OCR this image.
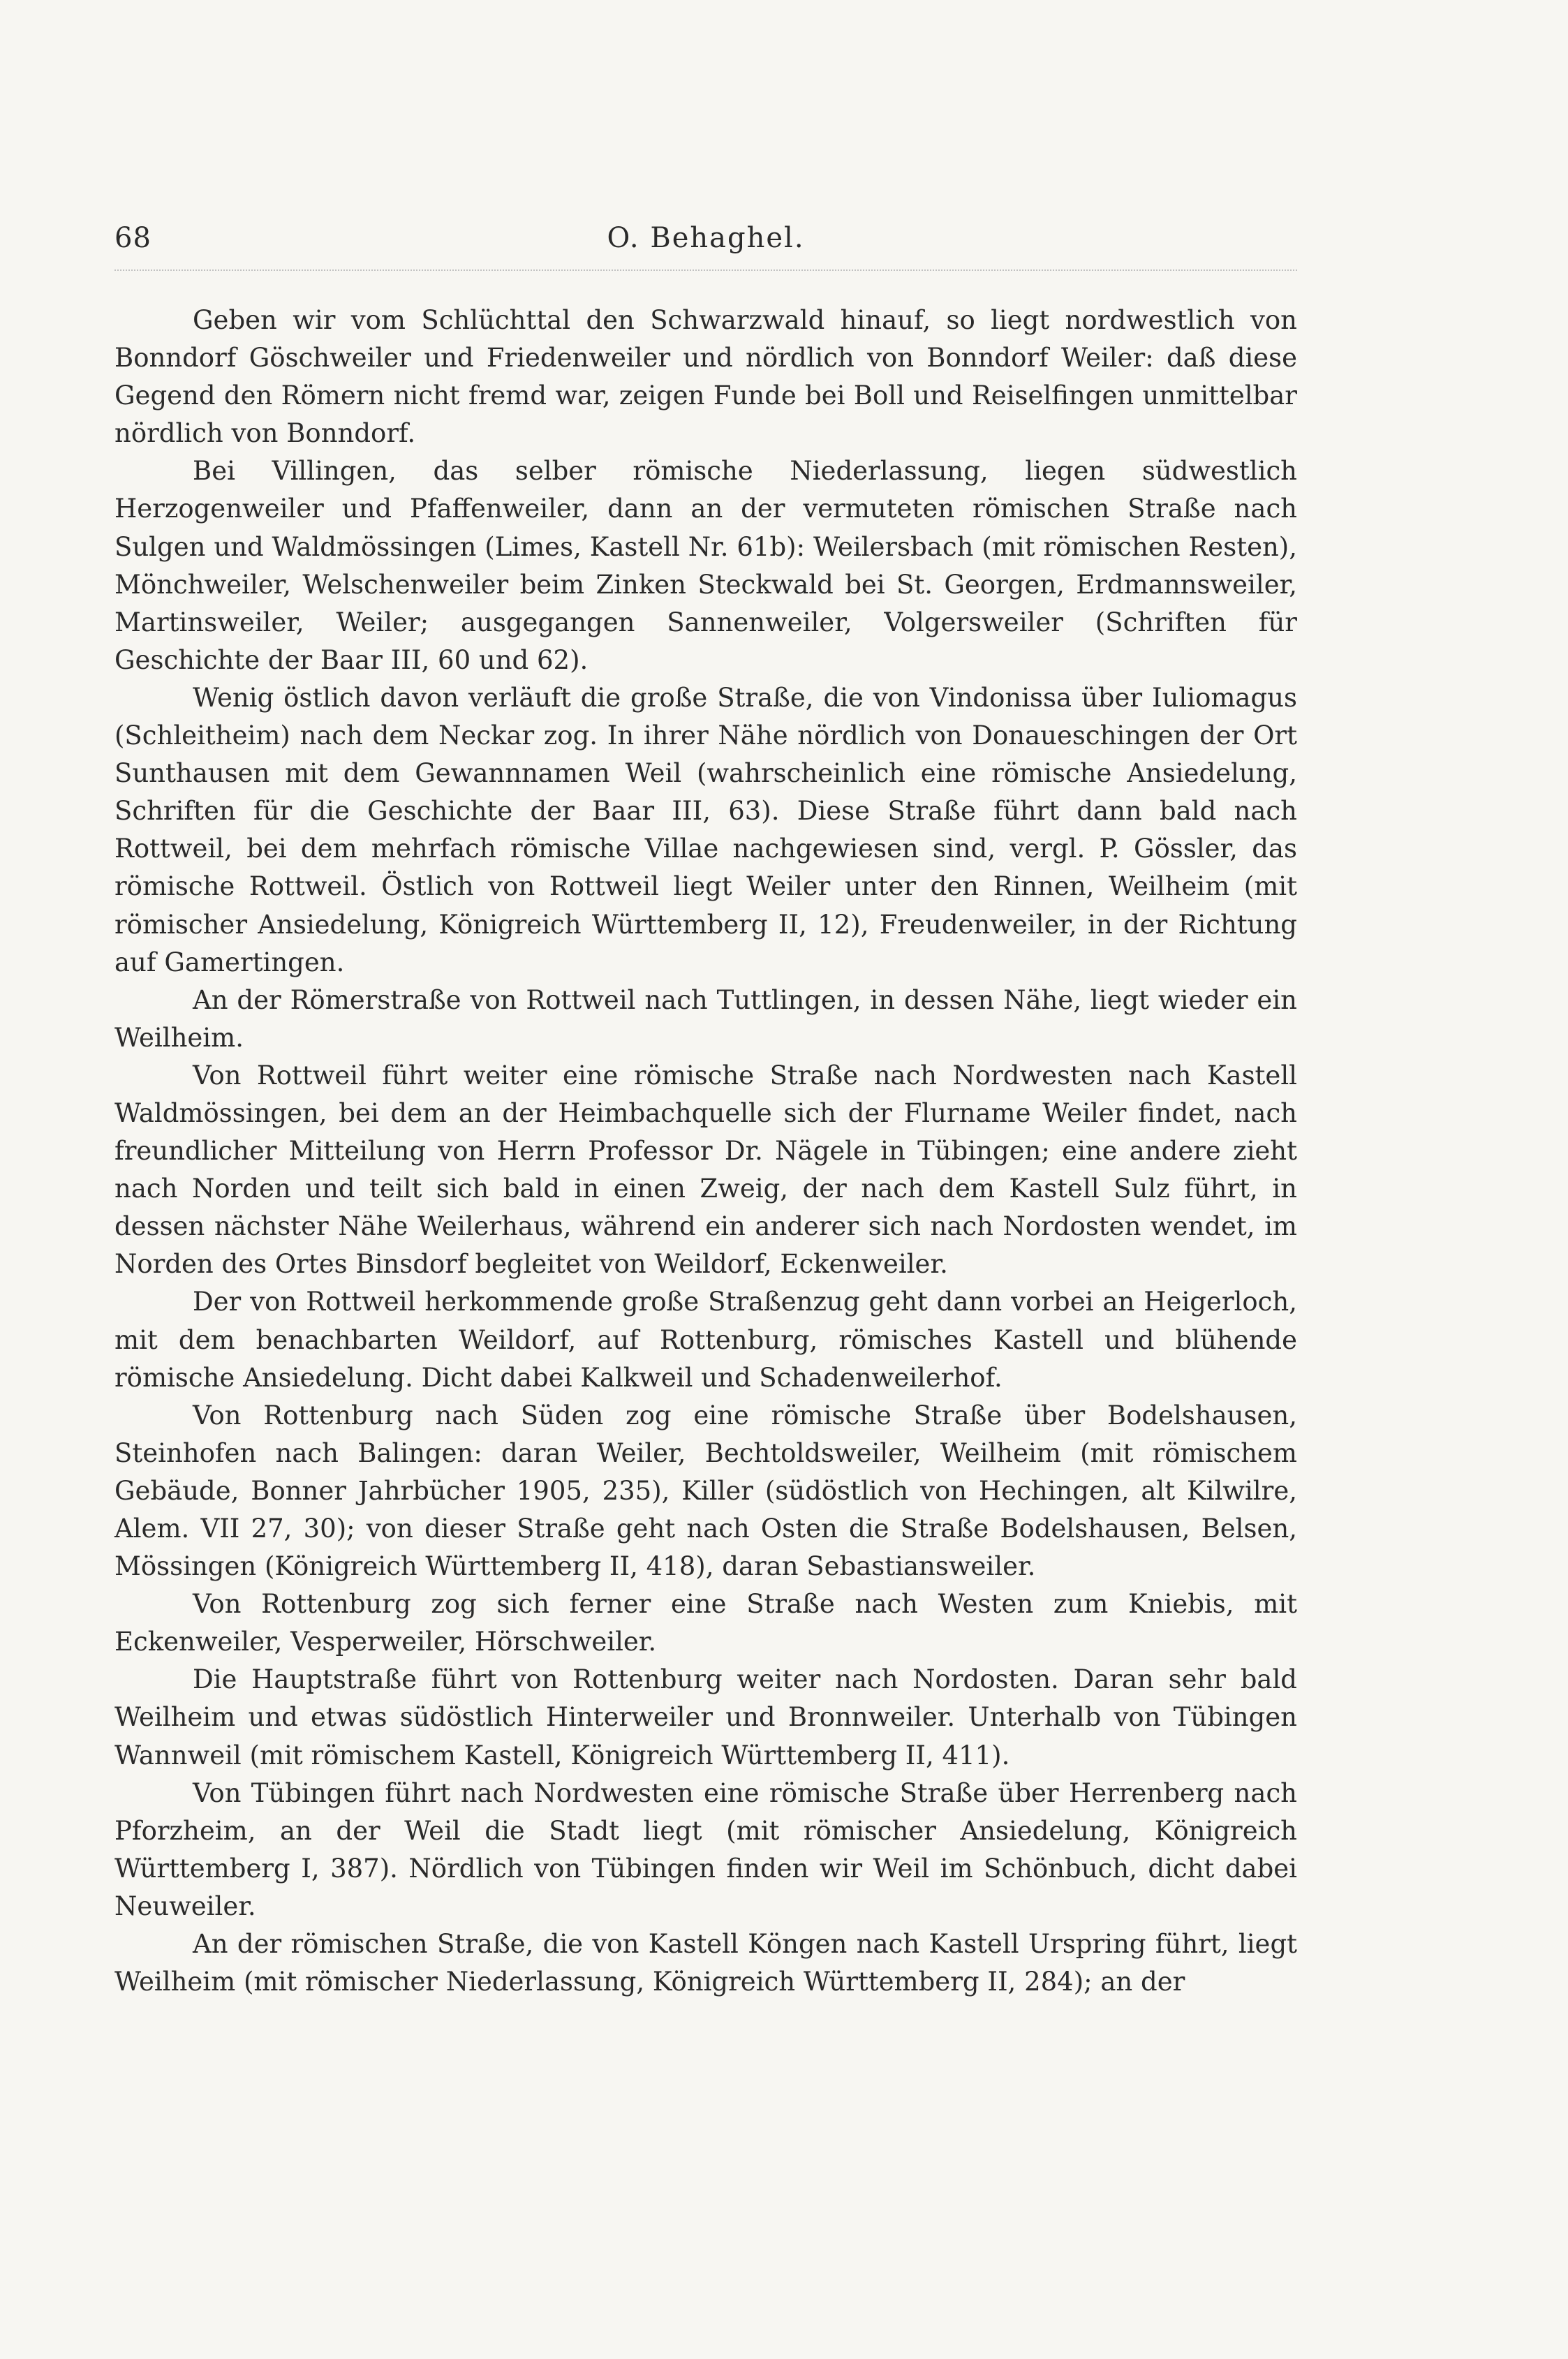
68	O. Behaghel.

Geben wir vom Schlüchttal den Schwarzwald hinauf, so liegt nordwestlich von Bonndorf Göschweiler und Friedenweiler und nördlich von Bonndorf Weiler: daß diese Gegend den Römern nicht fremd war, zeigen Funde bei Boll und Reiselfingen unmittelbar nördlich von Bonndorf.

Bei Villingen, das selber römische Niederlassung, liegen südwestlich Herzogenweiler und Pfaffenweiler, dann an der vermuteten römischen Straße nach Sulgen und Waldmössingen (Limes, Kastell Nr. 61b): Weilersbach (mit römischen Resten), Mönchweiler, Welschenweiler beim Zinken Steckwald bei St. Georgen, Erdmannsweiler, Martinsweiler, Weiler; ausgegangen Sannenweiler, Volgersweiler (Schriften für Geschichte der Baar III, 60 und 62).

Wenig östlich davon verläuft die große Straße, die von Vindonissa über Iuliomagus (Schleitheim) nach dem Neckar zog. In ihrer Nähe nördlich von Donaueschingen der Ort Sunthausen mit dem Gewannnamen Weil (wahrscheinlich eine römische Ansiedelung, Schriften für die Geschichte der Baar III, 63). Diese Straße führt dann bald nach Rottweil, bei dem mehrfach römische Villae nachgewiesen sind, vergl. P. Gössler, das römische Rottweil. Östlich von Rottweil liegt Weiler unter den Rinnen, Weilheim (mit römischer Ansiedelung, Königreich Württemberg II, 12), Freudenweiler, in der Richtung auf Gamertingen.

An der Römerstraße von Rottweil nach Tuttlingen, in dessen Nähe, liegt wieder ein Weilheim.

Von Rottweil führt weiter eine römische Straße nach Nordwesten nach Kastell Waldmössingen, bei dem an der Heimbachquelle sich der Flurname Weiler findet, nach freundlicher Mitteilung von Herrn Professor Dr. Nägele in Tübingen; eine andere zieht nach Norden und teilt sich bald in einen Zweig, der nach dem Kastell Sulz führt, in dessen nächster Nähe Weilerhaus, während ein anderer sich nach Nordosten wendet, im Norden des Ortes Binsdorf begleitet von Weildorf, Eckenweiler.

Der von Rottweil herkommende große Straßenzug geht dann vorbei an Heigerloch, mit dem benachbarten Weildorf, auf Rottenburg, römisches Kastell und blühende römische Ansiedelung. Dicht dabei Kalkweil und Schadenweilerhof.

Von Rottenburg nach Süden zog eine römische Straße über Bodelshausen, Steinhofen nach Balingen: daran Weiler, Bechtoldsweiler, Weilheim (mit römischem Gebäude, Bonner Jahrbücher 1905, 235), Killer (südöstlich von Hechingen, alt Kilwilre, Alem. VII 27, 30); von dieser Straße geht nach Osten die Straße Bodelshausen, Belsen, Mössingen (Königreich Württemberg II, 418), daran Sebastiansweiler.

Von Rottenburg zog sich ferner eine Straße nach Westen zum Kniebis, mit Eckenweiler, Vesperweiler, Hörschweiler.

Die Hauptstraße führt von Rottenburg weiter nach Nordosten. Daran sehr bald Weilheim und etwas südöstlich Hinterweiler und Bronnweiler. Unterhalb von Tübingen Wannweil (mit römischem Kastell, Königreich Württemberg II, 411).

Von Tübingen führt nach Nordwesten eine römische Straße über Herrenberg nach Pforzheim, an der Weil die Stadt liegt (mit römischer Ansiedelung, Königreich Württemberg I, 387). Nördlich von Tübingen finden wir Weil im Schönbuch, dicht dabei Neuweiler.

An der römischen Straße, die von Kastell Köngen nach Kastell Urspring führt, liegt Weilheim (mit römischer Niederlassung, Königreich Württemberg II, 284); an der
